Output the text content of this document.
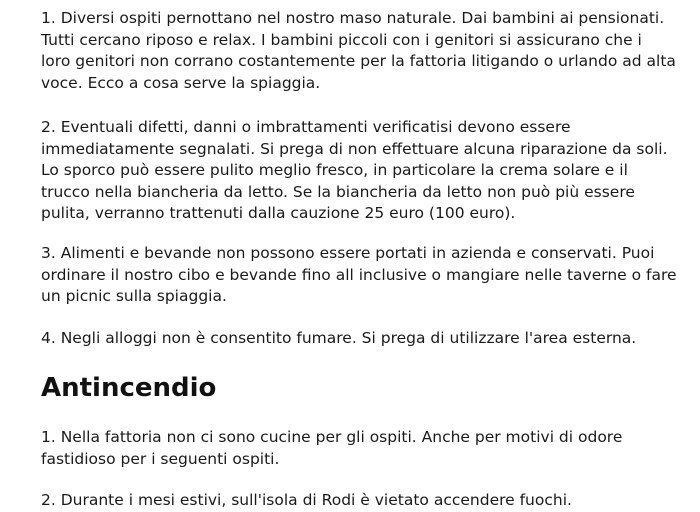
1. Diversi ospiti pernottano nel nostro maso naturale. Dai bambini ai pensionati.
Tutti cercano riposo e relax. I bambini piccoli con i genitori si assicurano che i
loro genitori non corrano costantemente per la fattoria litigando o urlando ad alta
voce. Ecco a cosa serve la spiaggia.

2. Eventuali difetti, danni o imbrattamenti verificatisi devono essere
immediatamente segnalati. Si prega di non effettuare alcuna riparazione da soli.
Lo sporco può essere pulito meglio fresco, in particolare la crema solare e il
trucco nella biancheria da letto. Se la biancheria da letto non può più essere
pulita, verranno trattenuti dalla cauzione 25 euro (100 euro).

3. Alimenti e bevande non possono essere portati in azienda e conservati. Puoi
ordinare il nostro cibo e bevande fino all inclusive o mangiare nelle taverne o fare
un picnic sulla spiaggia.

4. Negli alloggi non è consentito fumare. Si prega di utilizzare l'area esterna.

Antincendio

1. Nella fattoria non ci sono cucine per gli ospiti. Anche per motivi di odore
fastidioso per i seguenti ospiti.

2. Durante i mesi estivi, sull'isola di Rodi è vietato accendere fuochi.
